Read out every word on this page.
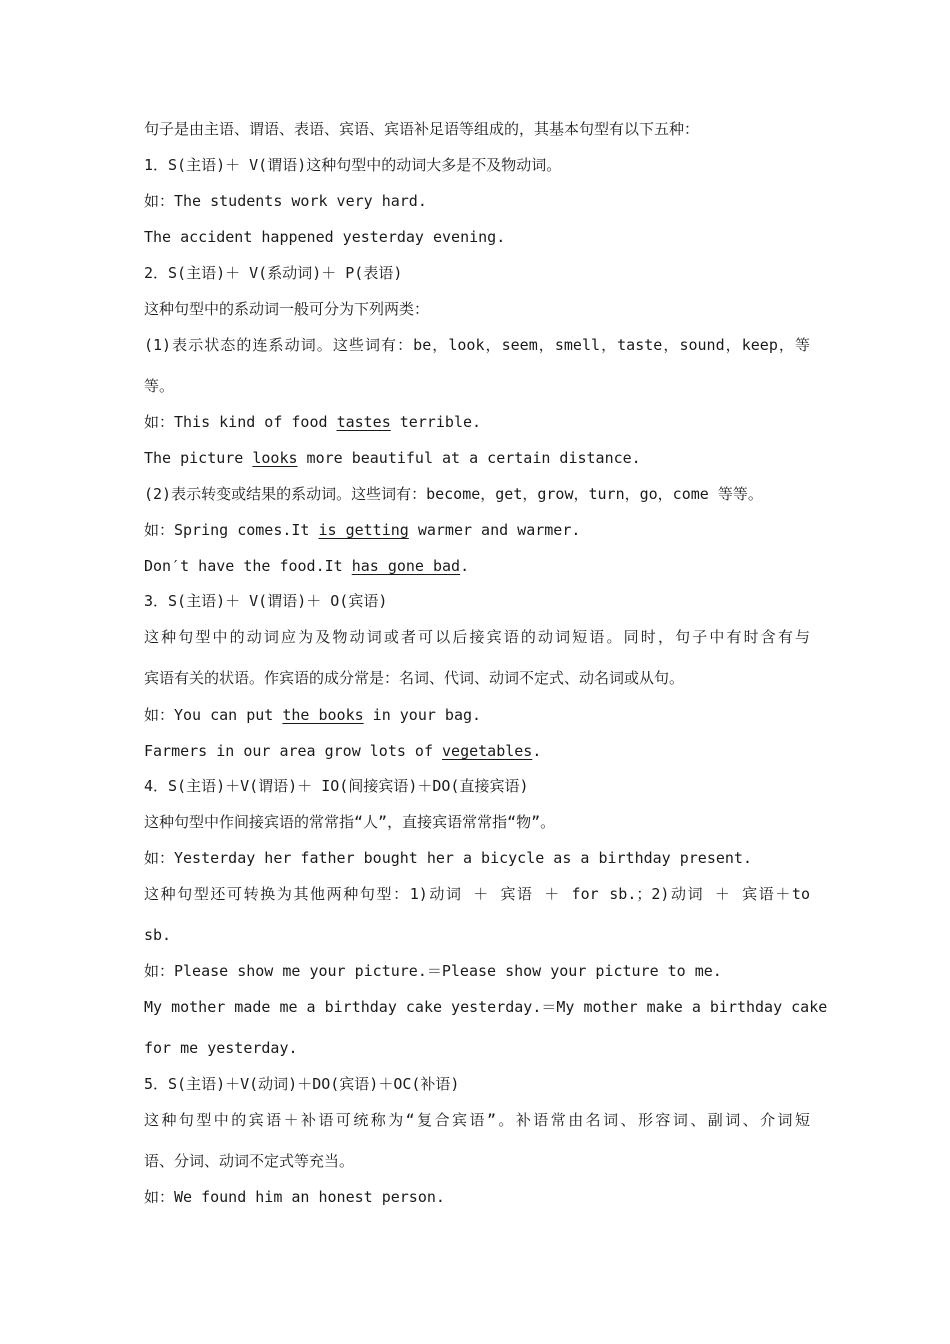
句子是由主语、谓语、表语、宾语、宾语补足语等组成的，其基本句型有以下五种：
1．S(主语)＋ V(谓语)这种句型中的动词大多是不及物动词。
如：The students work very hard.
The accident happened yesterday evening.
2．S(主语)＋ V(系动词)＋ P(表语)
这种句型中的系动词一般可分为下列两类：
(1)表示状态的连系动词。这些词有：be，look，seem，smell，taste，sound，keep，等
等。
如：This kind of food tastes terrible.
The picture looks more beautiful at a certain distance.
(2)表示转变或结果的系动词。这些词有：become，get，grow，turn，go，come 等等。
如：Spring comes.It is getting warmer and warmer.
Don′t have the food.It has gone bad.
3．S(主语)＋ V(谓语)＋ O(宾语)
这种句型中的动词应为及物动词或者可以后接宾语的动词短语。同时，句子中有时含有与
宾语有关的状语。作宾语的成分常是：名词、代词、动词不定式、动名词或从句。
如：You can put the books in your bag.
Farmers in our area grow lots of vegetables.
4．S(主语)＋V(谓语)＋ IO(间接宾语)＋DO(直接宾语)
这种句型中作间接宾语的常常指“人”，直接宾语常常指“物”。
如：Yesterday her father bought her a bicycle as a birthday present.
这种句型还可转换为其他两种句型：1)动词 ＋ 宾语 ＋ for sb.；2)动词 ＋ 宾语＋to
sb.
如：Please show me your picture.＝Please show your picture to me.
My mother made me a birthday cake yesterday.＝My mother make a birthday cake
for me yesterday.
5．S(主语)＋V(动词)＋DO(宾语)＋OC(补语)
这种句型中的宾语＋补语可统称为“复合宾语”。补语常由名词、形容词、副词、介词短
语、分词、动词不定式等充当。
如：We found him an honest person.
